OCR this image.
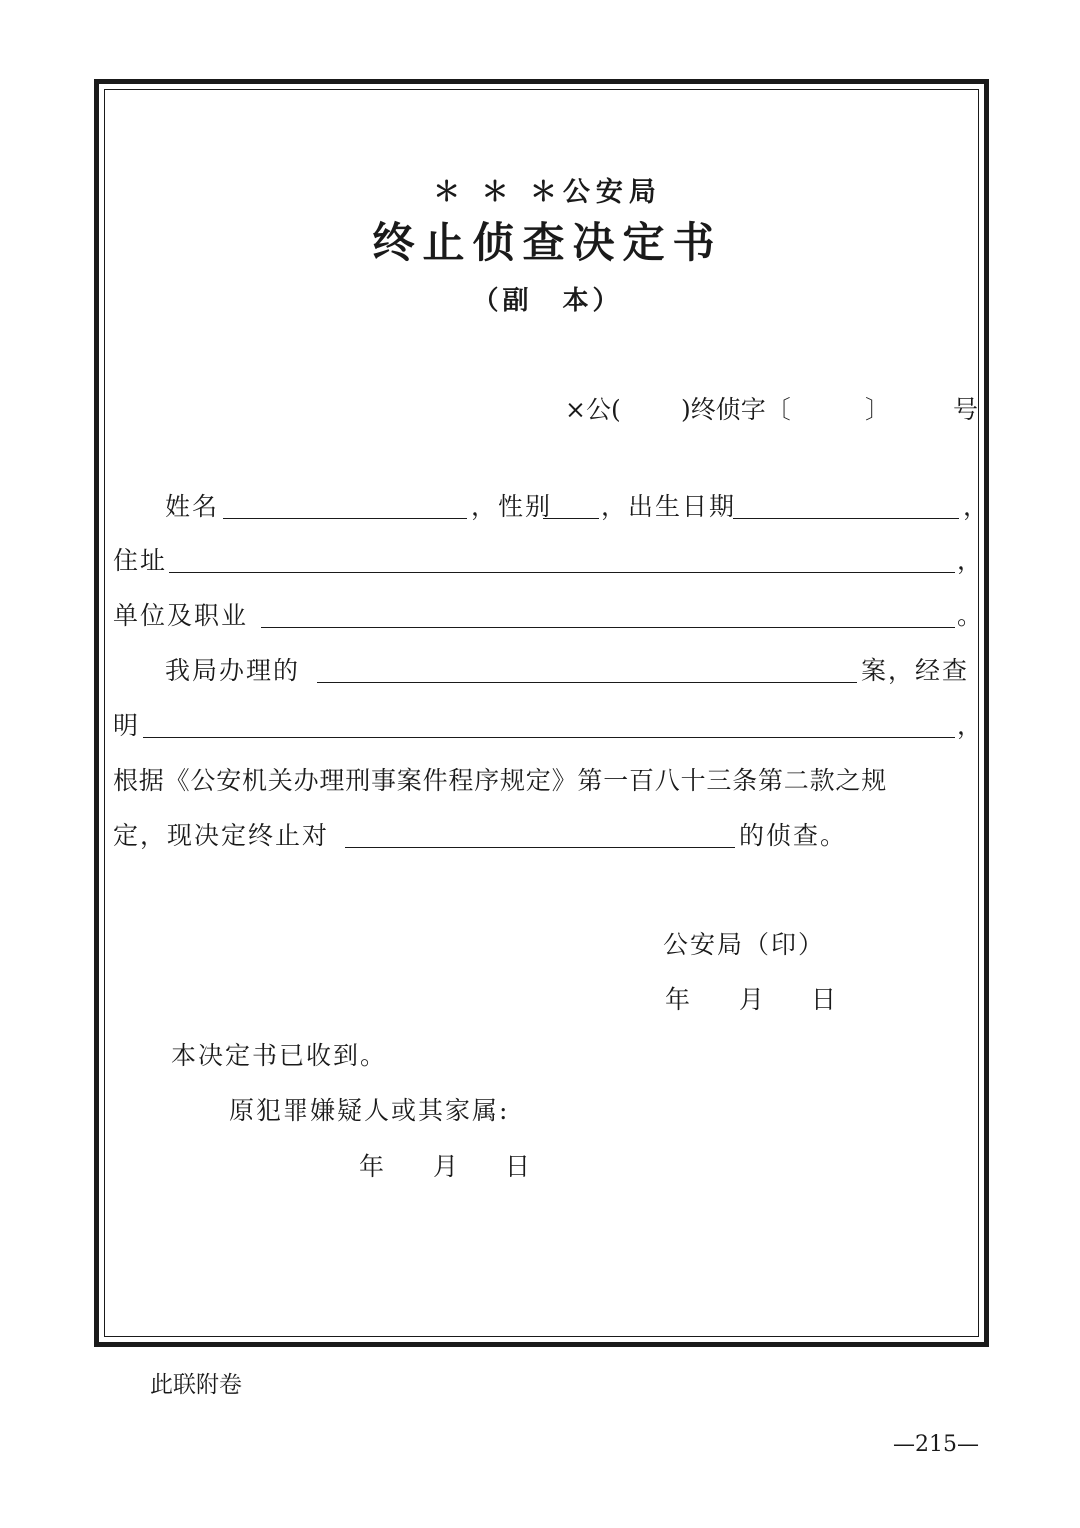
＊ ＊ ＊公安局
终止侦查决定书
（副　本）
×公( )终侦字〔	〕	号
姓名	，性别 ，出生日期	，
住址	，
单位及职业	。
我局办理的	案，经查
明	，
根据《公安机关办理刑事案件程序规定》第一百八十三条第二款之规
定，现决定终止对	的侦查。
公安局（印）
年 月 日
本决定书已收到。
原犯罪嫌疑人或其家属:
年 月 日
此联附卷
—215—
